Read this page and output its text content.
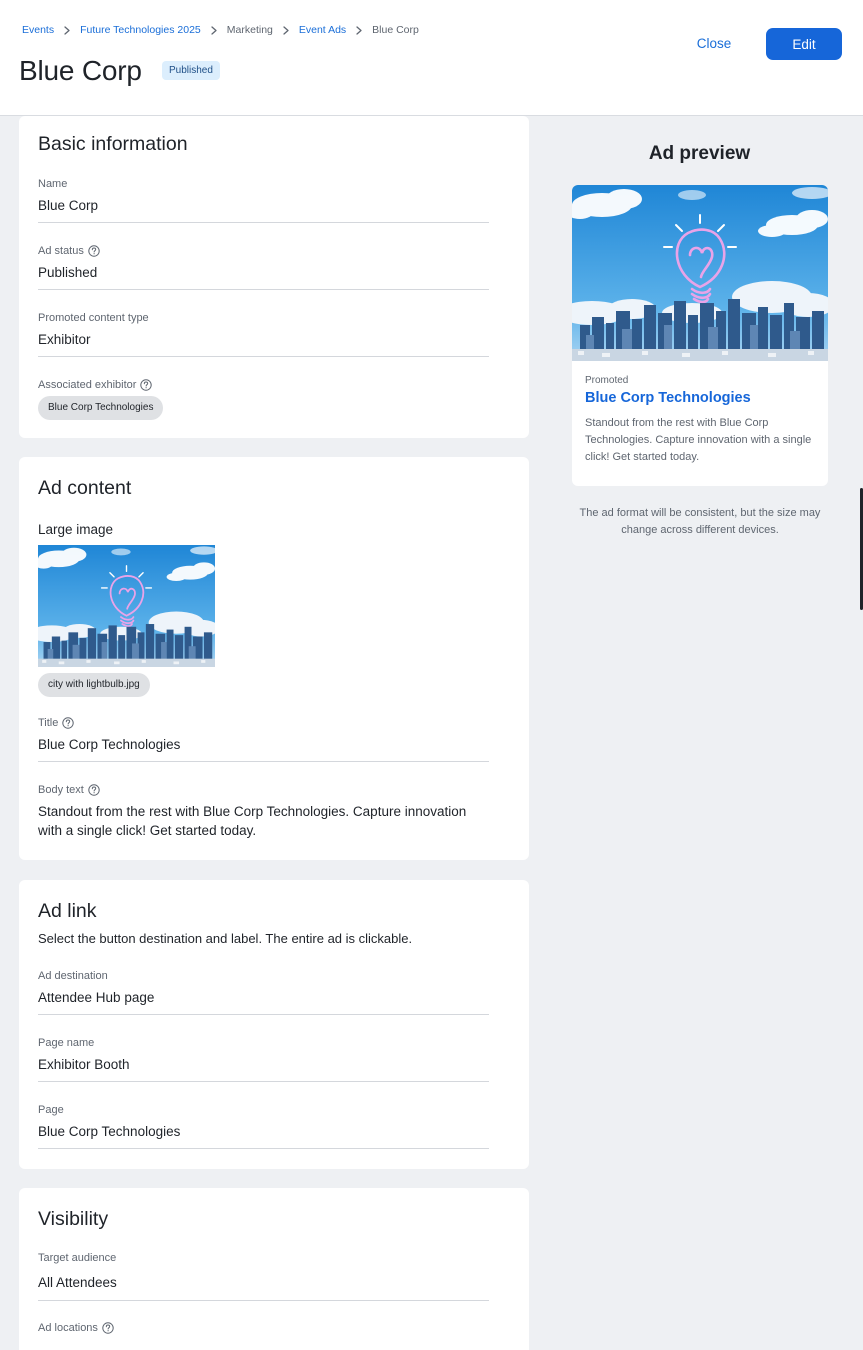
Events Future Technologies 2025 Marketing Event Ads Blue Corp
Blue Corp	Published
Close	Edit
Basic information
Name
Blue Corp
Ad status
Published
Promoted content type
Exhibitor
Associated exhibitor
Blue Corp Technologies
Ad content
Large image
city with lightbulb.jpg
Title
Blue Corp Technologies
Body text
Standout from the rest with Blue Corp Technologies. Capture innovation with a single click! Get started today.
Ad link
Select the button destination and label. The entire ad is clickable.
Ad destination
Attendee Hub page
Page name
Exhibitor Booth
Page
Blue Corp Technologies
Visibility
Target audience
All Attendees
Ad locations
Ad preview
Promoted
Blue Corp Technologies
Standout from the rest with Blue Corp Technologies. Capture innovation with a single click! Get started today.
The ad format will be consistent, but the size may change across different devices.
